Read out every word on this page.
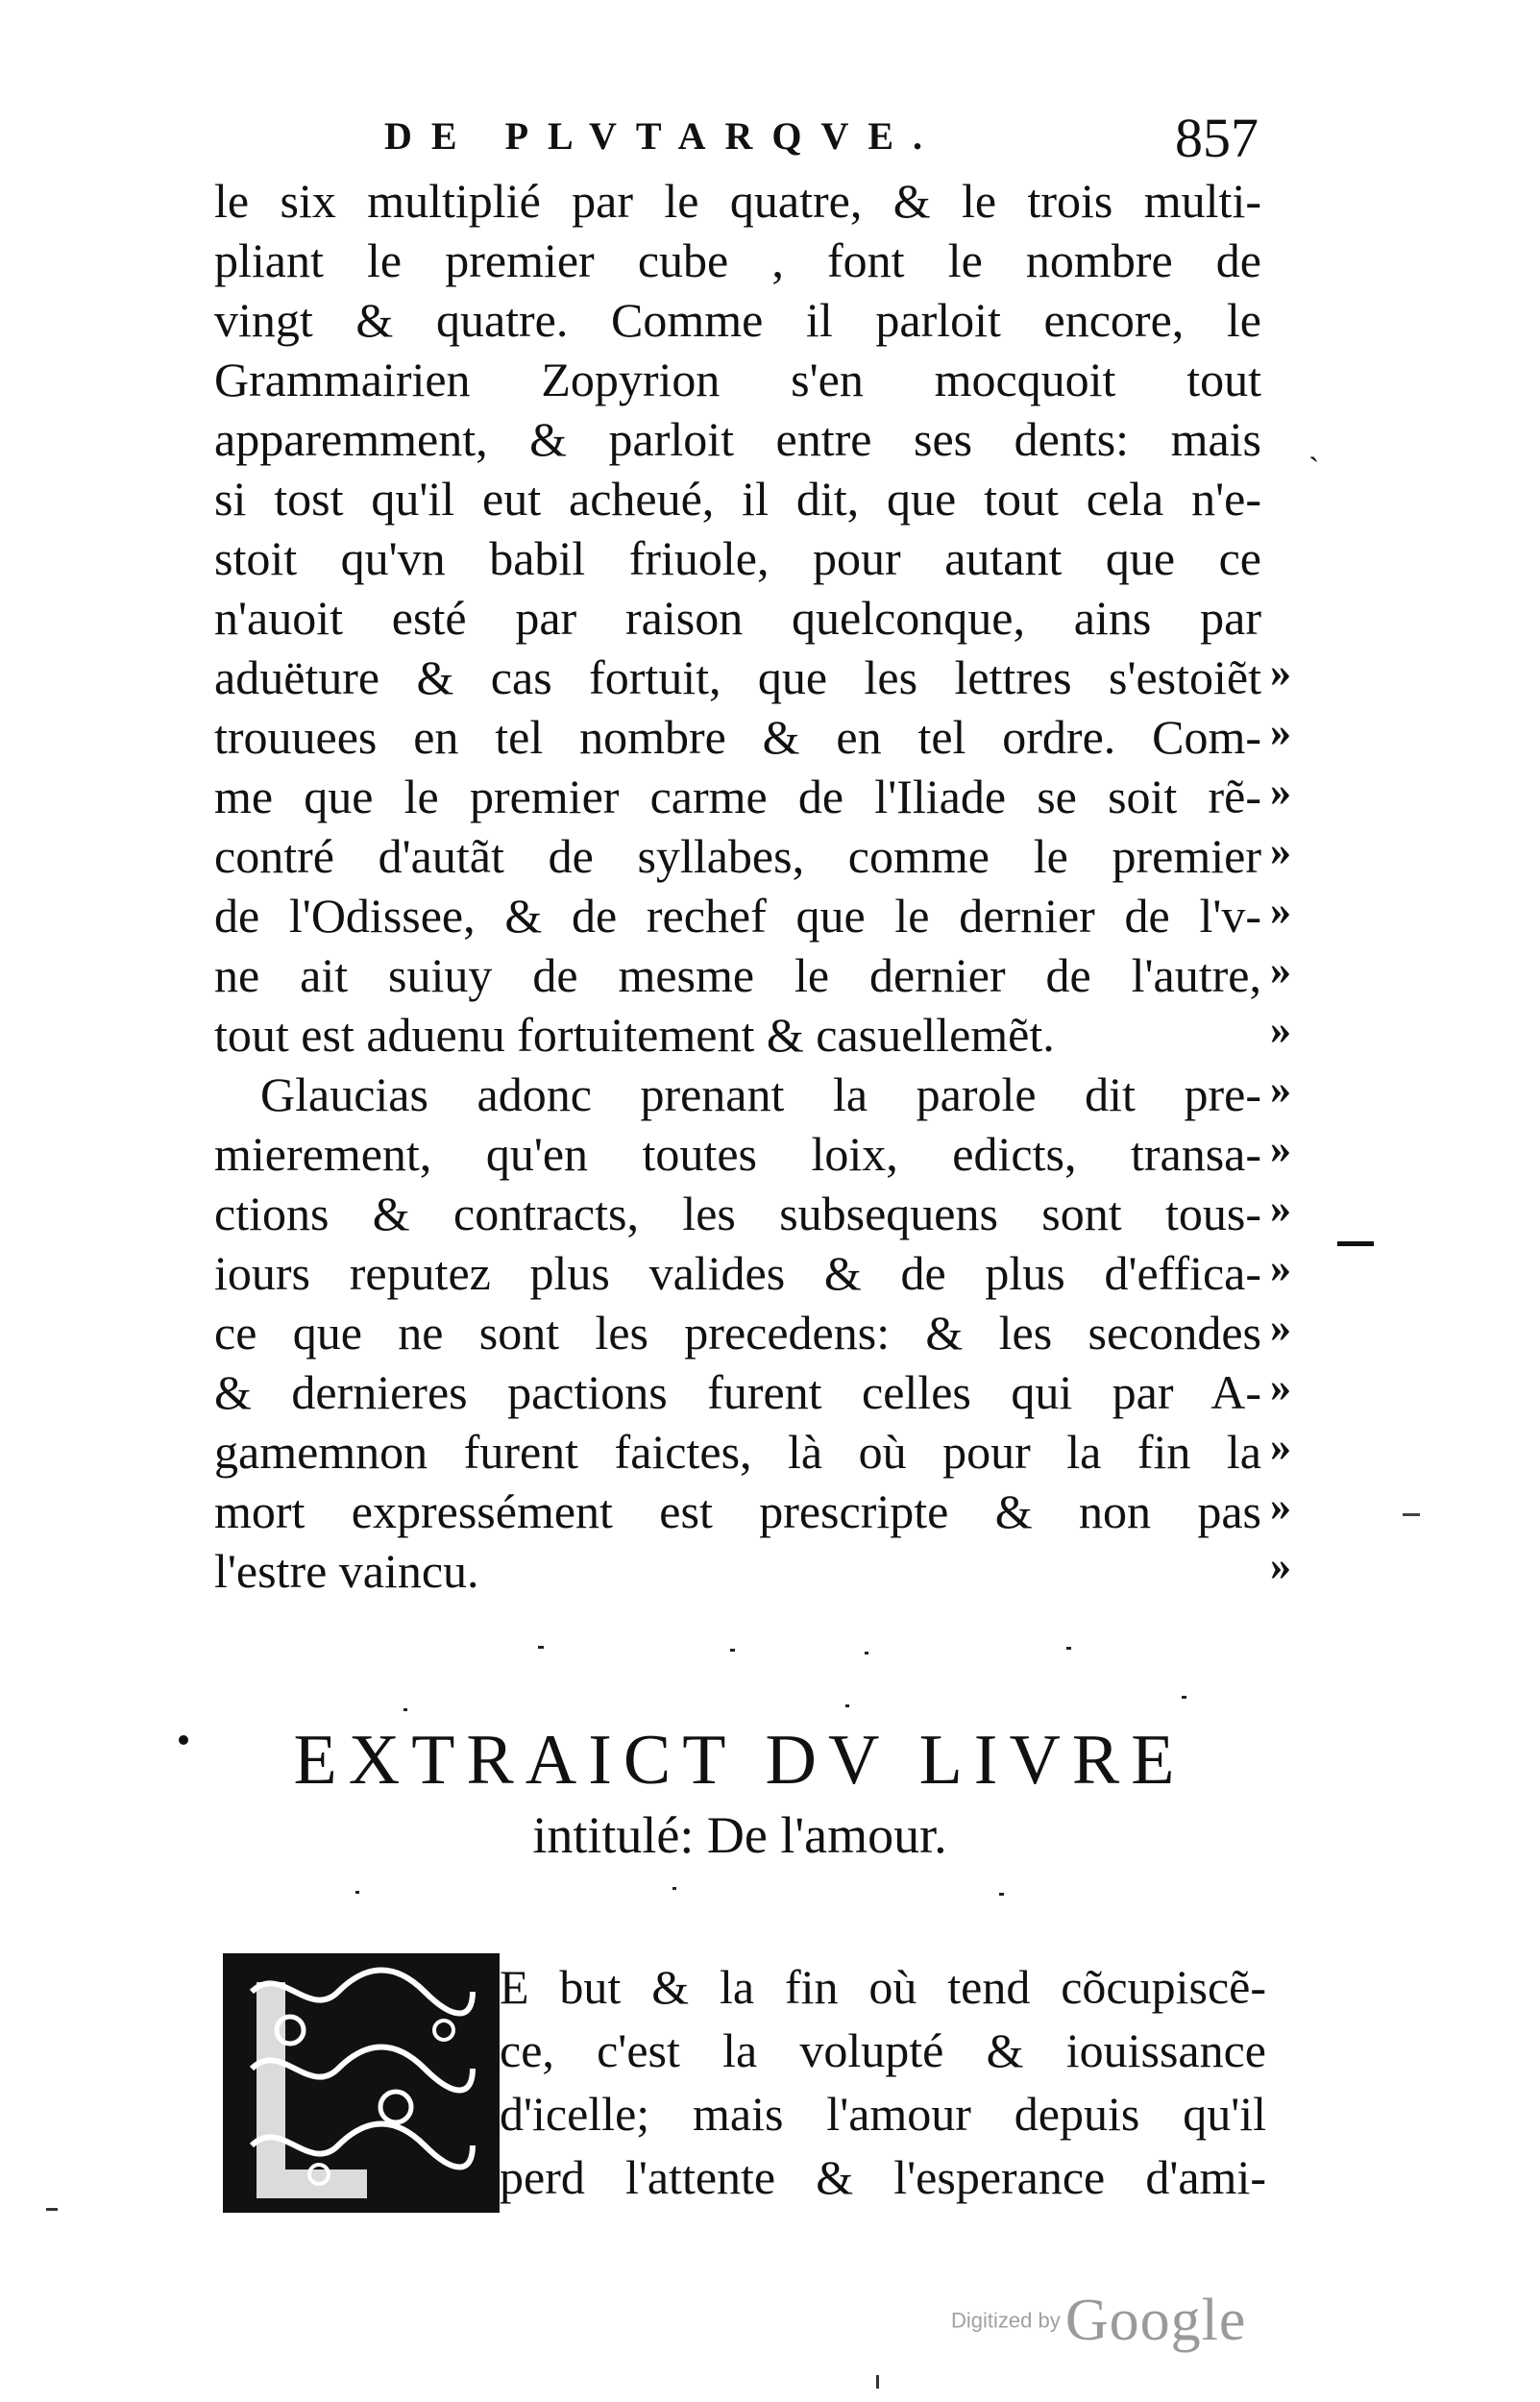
DE PLVTARQVE.	857
le six multiplié par le quatre, & le trois multi-
pliant le premier cube , font le nombre de
vingt & quatre. Comme il parloit encore, le
Grammairien Zopyrion s'en mocquoit tout
apparemment, & parloit entre ses dents: mais
si tost qu'il eut acheué, il dit, que tout cela n'e-
stoit qu'vn babil friuole, pour autant que ce
n'auoit esté par raison quelconque, ains par
aduëture & cas fortuit, que les lettres s'estoiẽt
trouuees en tel nombre & en tel ordre. Com-
me que le premier carme de l'Iliade se soit rẽ-
contré d'autãt de syllabes, comme le premier
de l'Odissee, & de rechef que le dernier de l'v-
ne ait suiuy de mesme le dernier de l'autre,
tout est aduenu fortuitement & casuellemẽt.
Glaucias adonc prenant la parole dit pre-
mierement, qu'en toutes loix, edicts, transa-
ctions & contracts, les subsequens sont tous-
iours reputez plus valides & de plus d'effica-
ce que ne sont les precedens: & les secondes
& dernieres pactions furent celles qui par A-
gamemnon furent faictes, là où pour la fin la
mort expressément est prescripte & non pas
l'estre vaincu.
»
»
»
»
»
»
»
»
»
»
»
»
»
»
»
»
`
EXTRAICT DV LIVRE
intitulé: De l'amour.
E but & la fin où tend cõcupiscẽ-
ce, c'est la volupté & iouissance
d'icelle; mais l'amour depuis qu'il
perd l'attente & l'esperance d'ami-
Digitized by Google
